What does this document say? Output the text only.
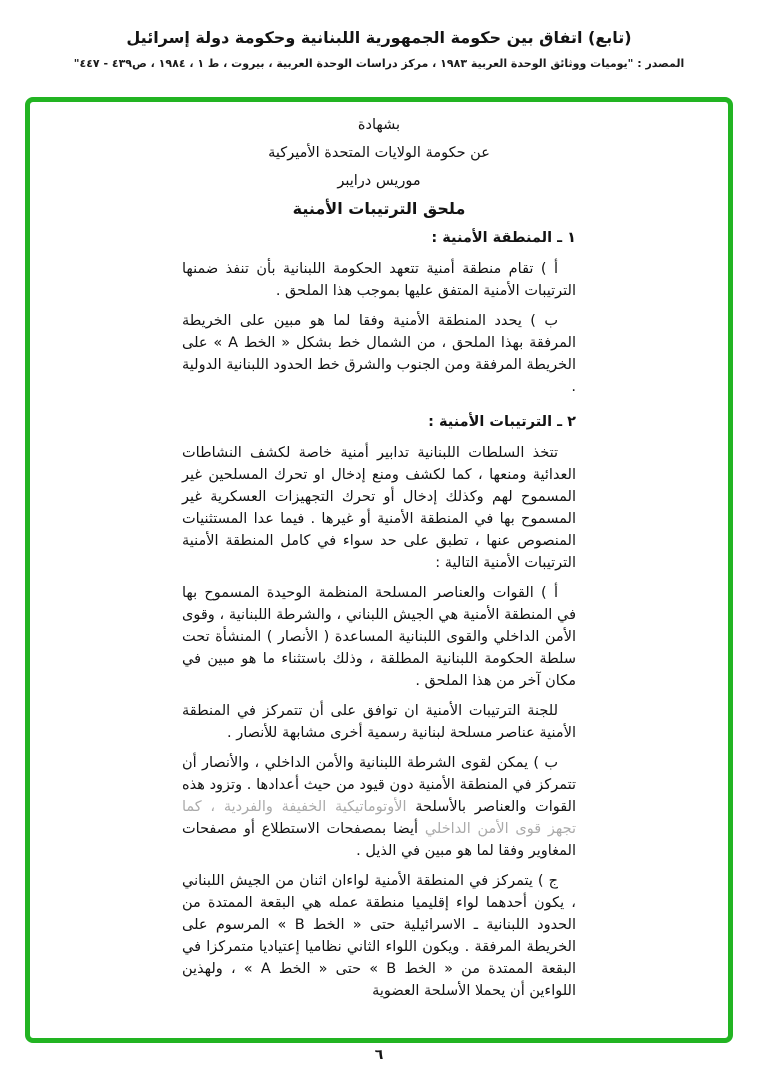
(تابع) اتفاق بين حكومة الجمهورية اللبنانية وحكومة دولة إسرائيل
المصدر : "يوميات ووثائق الوحدة العربية ١٩٨٣ ، مركز دراسات الوحدة العربية ، بيروت ، ط ١ ، ١٩٨٤ ، ص٤٣٩ - ٤٤٧"

بشهادة

عن حكومة الولايات المتحدة الأميركية

موريس درايبر

ملحق الترتيبات الأمنية
١ ـ المنطقة الأمنية :

أ ) تقام منطقة أمنية تتعهد الحكومة اللبنانية بأن تنفذ ضمنها الترتيبات الأمنية المتفق عليها بموجب هذا الملحق .

ب ) يحدد المنطقة الأمنية وفقا لما هو مبين على الخريطة المرفقة بهذا الملحق ، من الشمال خط بشكل « الخط A » على الخريطة المرفقة ومن الجنوب والشرق خط الحدود اللبنانية الدولية .

٢ ـ الترتيبات الأمنية :

تتخذ السلطات اللبنانية تدابير أمنية خاصة لكشف النشاطات العدائية ومنعها ، كما لكشف ومنع إدخال او تحرك المسلحين غير المسموح لهم وكذلك إدخال أو تحرك التجهيزات العسكرية غير المسموح بها في المنطقة الأمنية أو غيرها . فيما عدا المستثنيات المنصوص عنها ، تطبق على حد سواء في كامل المنطقة الأمنية الترتيبات الأمنية التالية :

أ ) القوات والعناصر المسلحة المنظمة الوحيدة المسموح بها في المنطقة الأمنية هي الجيش اللبناني ، والشرطة اللبنانية ، وقوى الأمن الداخلي والقوى اللبنانية المساعدة ( الأنصار ) المنشأة تحت سلطة الحكومة اللبنانية المطلقة ، وذلك باستثناء ما هو مبين في مكان آخر من هذا الملحق .

للجنة الترتيبات الأمنية ان توافق على أن تتمركز في المنطقة الأمنية عناصر مسلحة لبنانية رسمية أخرى مشابهة للأنصار .

ب ) يمكن لقوى الشرطة اللبنانية والأمن الداخلي ، والأنصار أن تتمركز في المنطقة الأمنية دون قيود من حيث أعدادها . وتزود هذه القوات والعناصر بالأسلحة الأوتوماتيكية الخفيفة والفردية ، كما تجهز قوى الأمن الداخلي أيضا بمصفحات الاستطلاع أو مصفحات المغاوير وفقا لما هو مبين في الذيل .

ج ) يتمركز في المنطقة الأمنية لواءان اثنان من الجيش اللبناني ، يكون أحدهما لواء إقليميا منطقة عمله هي البقعة الممتدة من الحدود اللبنانية ـ الاسرائيلية حتى « الخط B » المرسوم على الخريطة المرفقة . ويكون اللواء الثاني نظاميا إعتياديا متمركزا في البقعة الممتدة من « الخط B » حتى « الخط A » ، ولهذين اللواءين أن يحملا الأسلحة العضوية

٦
